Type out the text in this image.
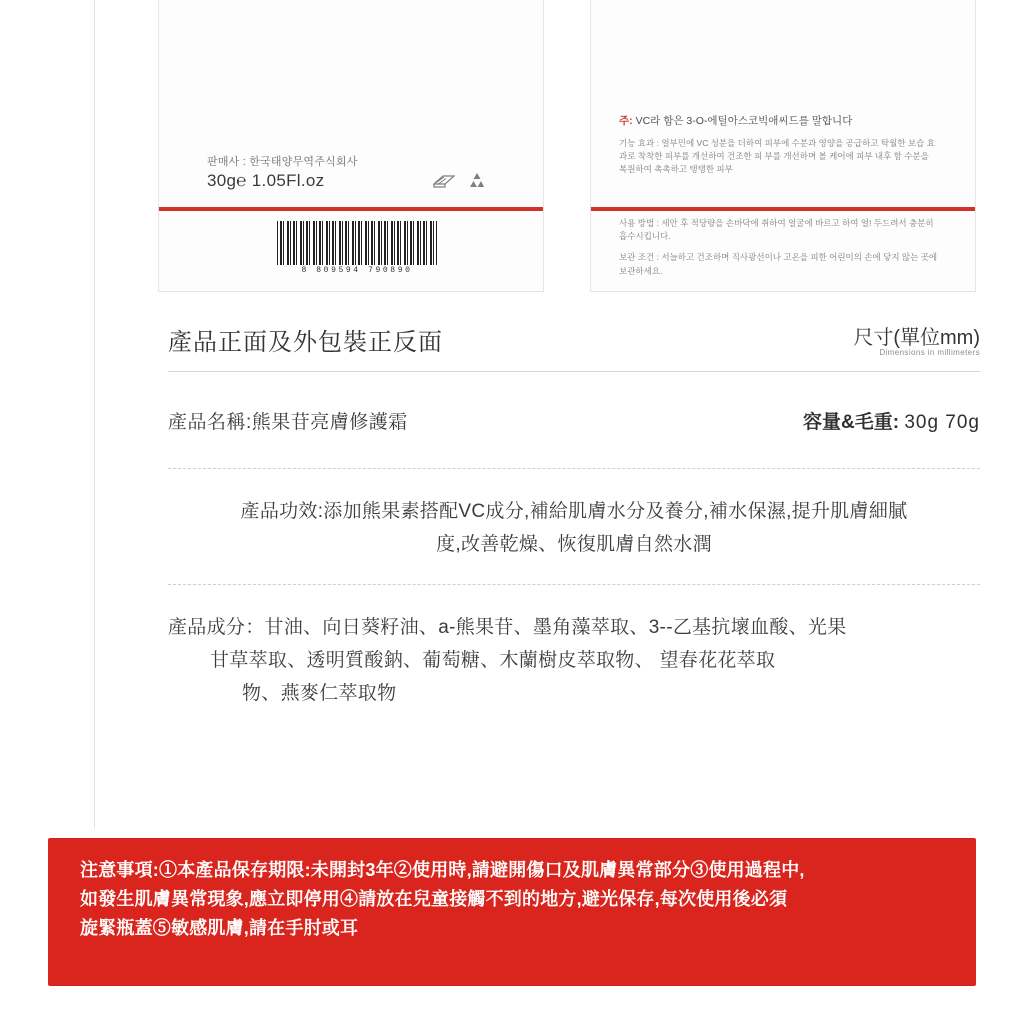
판매사 : 한국태양무역주식회사
30g℮ 1.05Fl.oz
8 809594 790890
주: VC라 함은 3-O-에틸아스코빅애씨드를 말합니다
기능 효과 : 얼부민에 VC 성분을 더하여 피부에 수분과 영양을 공급하고 탁월한 보습 효과로 착착한 피부를 개선하여 건조한 피 부를 개선하며 볼 케어에 피부 내후 함 수분을 복원하여 촉촉하고 탱탱한 피부
사용 방법 : 세안 후 적당량을 손바닥에 취하여 얼굴에 바르고 하여 얼! 두드려서 충분히 흡수시킵니다.
보관 조건 : 서늘하고 건조하며 직사광선이나 고온을 피한 어린이의 손에 닿지 않는 곳에 보관하세요.
產品正面及外包裝正反面	尺寸(單位mm)
Dimensions in millimeters
產品名稱:熊果苷亮膚修護霜	容量&毛重: 30g 70g
產品功效:添加熊果素搭配VC成分,補給肌膚水分及養分,補水保濕,提升肌膚細膩
度,改善乾燥、恢復肌膚自然水潤
產品成分：甘油、向日葵籽油、a-熊果苷、墨角藻萃取、3--乙基抗壞血酸、光果
甘草萃取、透明質酸鈉、葡萄糖、木蘭樹皮萃取物、 望春花花萃取
物、燕麥仁萃取物

注意事項:①本產品保存期限:未開封3年②使用時,請避開傷口及肌膚異常部分③使用過程中,

如發生肌膚異常現象,應立即停用④請放在兒童接觸不到的地方,避光保存,每次使用後必須

旋緊瓶蓋⑤敏感肌膚,請在手肘或耳
